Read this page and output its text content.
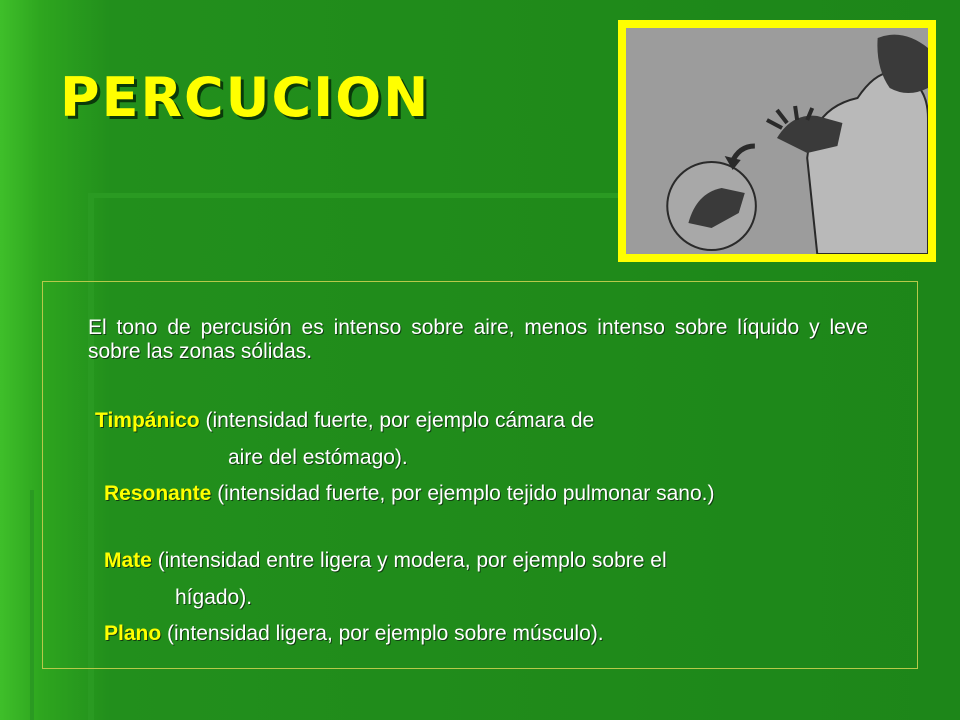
PERCUCION
El tono de percusión es intenso sobre aire, menos intenso sobre líquido y leve sobre las zonas sólidas.
Timpánico (intensidad fuerte, por ejemplo cámara de
aire del estómago).
Resonante (intensidad fuerte, por ejemplo tejido pulmonar sano.)
Mate (intensidad entre ligera y modera, por ejemplo sobre el
hígado).
Plano (intensidad ligera, por ejemplo sobre músculo).
